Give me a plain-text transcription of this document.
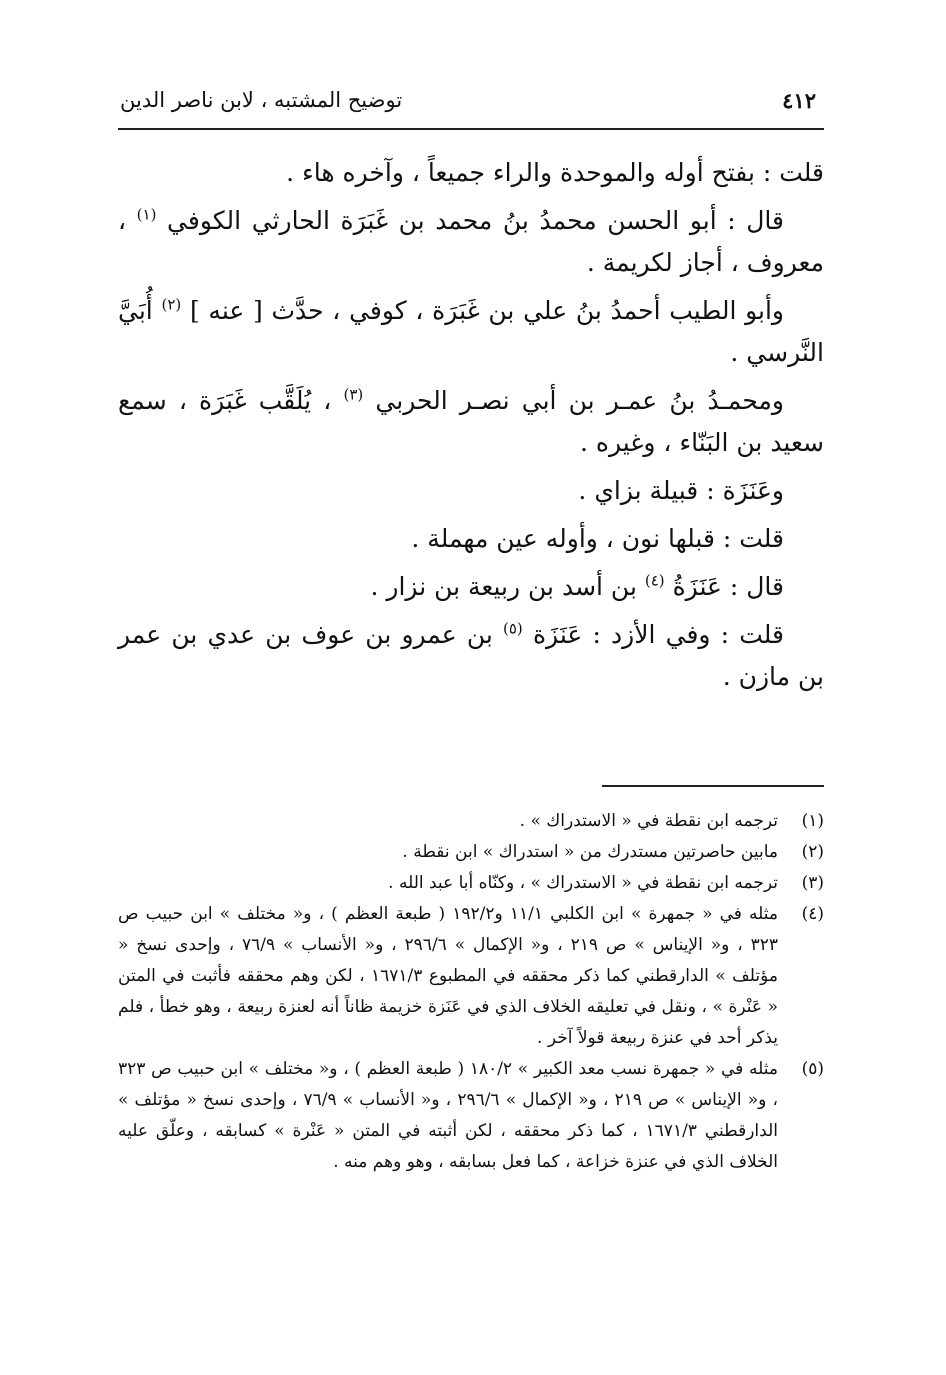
٤١٢
توضيح المشتبه ، لابن ناصر الدين

قلت : بفتح أوله والموحدة والراء جميعاً ، وآخره هاء .

قال : أبو الحسن محمدُ بنُ محمد بن غَبَرَة الحارثي الكوفي $^{(١)}$ ، معروف ، أجاز لكريمة .

وأبو الطيب أحمدُ بنُ علي بن غَبَرَة ، كوفي ، حدَّث [ عنه ] $^{(٢)}$ أُبَيَّ النَّرسي .

ومحمـدُ بنُ عمـر بن أبي نصـر الحربي $^{(٣)}$ ، يُلَقَّب غَبَرَة ، سمع سعيد بن البَنّاء ، وغيره .

وعَنَزَة : قبيلة بزاي .

قلت : قبلها نون ، وأوله عين مهملة .

قال : عَنَزَةُ $^{(٤)}$ بن أسد بن ربيعة بن نزار .

قلت : وفي الأزد : عَنَزَة $^{(٥)}$ بن عمرو بن عوف بن عدي بن عمر بن مازن .

(١)
ترجمه ابن نقطة في « الاستدراك » .
(٢)
مابين حاصرتين مستدرك من « استدراك » ابن نقطة .
(٣)
ترجمه ابن نقطة في « الاستدراك » ، وكنّاه أبا عبد الله .
(٤)
مثله في « جمهرة » ابن الكلبي ١١/١ و١٩٢/٢ ( طبعة العظم ) ، و« مختلف » ابن حبيب ص ٣٢٣ ، و« الإيناس » ص ٢١٩ ، و« الإكمال » ٢٩٦/٦ ، و« الأنساب » ٧٦/٩ ، وإحدى نسخ « مؤتلف » الدارقطني كما ذكر محققه في المطبوع ١٦٧١/٣ ، لكن وهم محققه فأثبت في المتن « عَنْرة » ، ونقل في تعليقه الخلاف الذي في عَنَزة خزيمة ظاناً أنه لعنزة ربيعة ، وهو خطأ ، فلم يذكر أحد في عنزة ربيعة قولاً آخر .
(٥)
مثله في « جمهرة نسب معد الكبير » ١٨٠/٢ ( طبعة العظم ) ، و« مختلف » ابن حبيب ص ٣٢٣ ، و« الإيناس » ص ٢١٩ ، و« الإكمال » ٢٩٦/٦ ، و« الأنساب » ٧٦/٩ ، وإحدى نسخ « مؤتلف » الدارقطني ١٦٧١/٣ ، كما ذكر محققه ، لكن أثبته في المتن « عَنْرة » كسابقه ، وعلّق عليه الخلاف الذي في عنزة خزاعة ، كما فعل بسابقه ، وهو وهم منه .
